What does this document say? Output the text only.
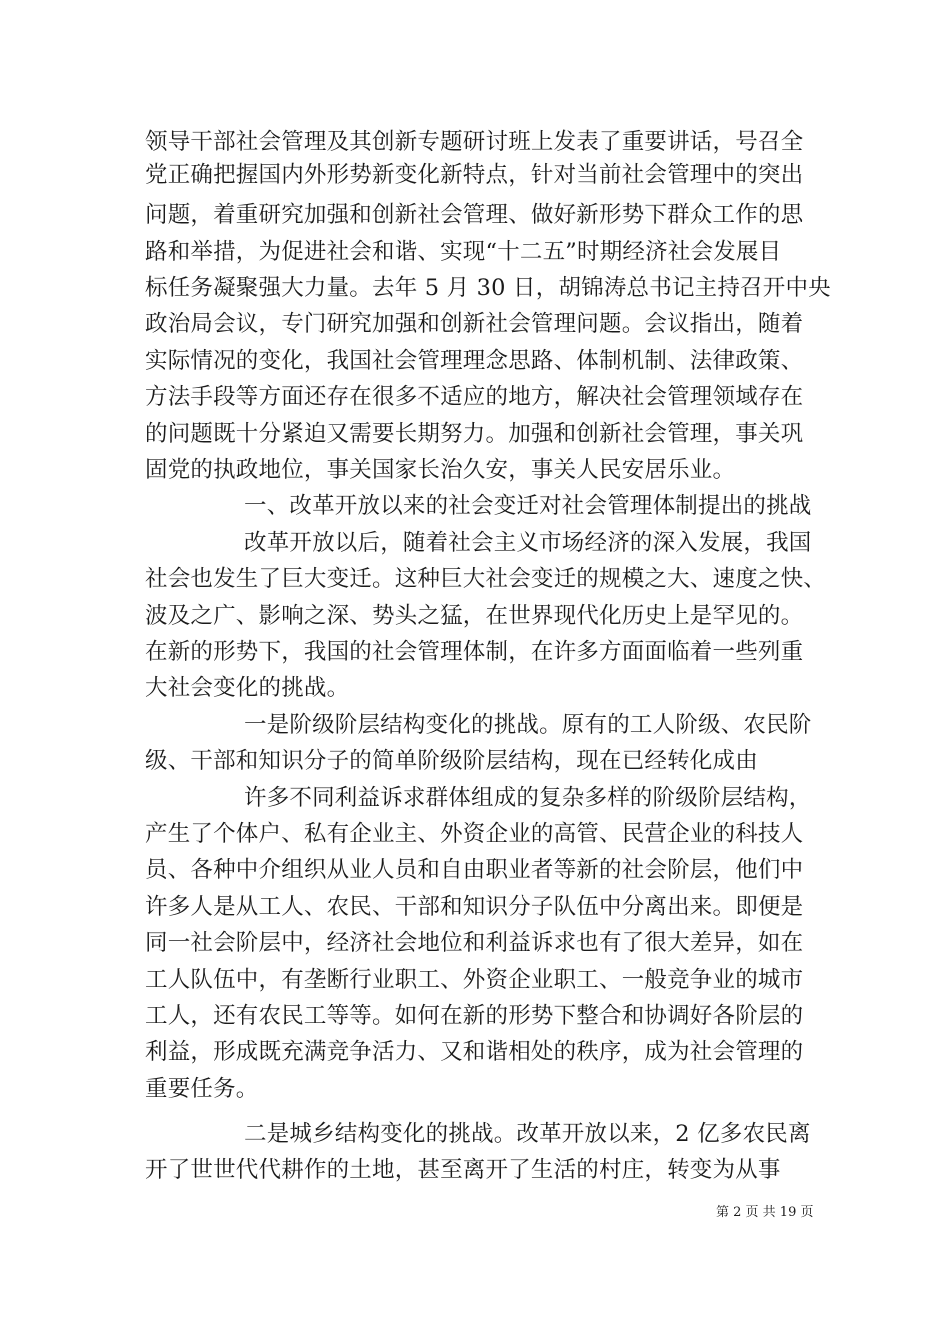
领导干部社会管理及其创新专题研讨班上发表了重要讲话，号召全
党正确把握国内外形势新变化新特点，针对当前社会管理中的突出
问题，着重研究加强和创新社会管理、做好新形势下群众工作的思
路和举措，为促进社会和谐、实现“十二五”时期经济社会发展目
标任务凝聚强大力量。去年 5 月 30 日，胡锦涛总书记主持召开中央
政治局会议，专门研究加强和创新社会管理问题。会议指出，随着
实际情况的变化，我国社会管理理念思路、体制机制、法律政策、
方法手段等方面还存在很多不适应的地方，解决社会管理领域存在
的问题既十分紧迫又需要长期努力。加强和创新社会管理，事关巩
固党的执政地位，事关国家长治久安，事关人民安居乐业。
一、改革开放以来的社会变迁对社会管理体制提出的挑战
改革开放以后，随着社会主义市场经济的深入发展，我国
社会也发生了巨大变迁。这种巨大社会变迁的规模之大、速度之快、
波及之广、影响之深、势头之猛，在世界现代化历史上是罕见的。
在新的形势下，我国的社会管理体制，在许多方面面临着一些列重
大社会变化的挑战。
一是阶级阶层结构变化的挑战。原有的工人阶级、农民阶
级、干部和知识分子的简单阶级阶层结构，现在已经转化成由
许多不同利益诉求群体组成的复杂多样的阶级阶层结构，
产生了个体户、私有企业主、外资企业的高管、民营企业的科技人
员、各种中介组织从业人员和自由职业者等新的社会阶层，他们中
许多人是从工人、农民、干部和知识分子队伍中分离出来。即便是
同一社会阶层中，经济社会地位和利益诉求也有了很大差异，如在
工人队伍中，有垄断行业职工、外资企业职工、一般竞争业的城市
工人，还有农民工等等。如何在新的形势下整合和协调好各阶层的
利益，形成既充满竞争活力、又和谐相处的秩序，成为社会管理的
重要任务。
二是城乡结构变化的挑战。改革开放以来，2 亿多农民离
开了世世代代耕作的土地，甚至离开了生活的村庄，转变为从事
第 2 页 共 19 页
